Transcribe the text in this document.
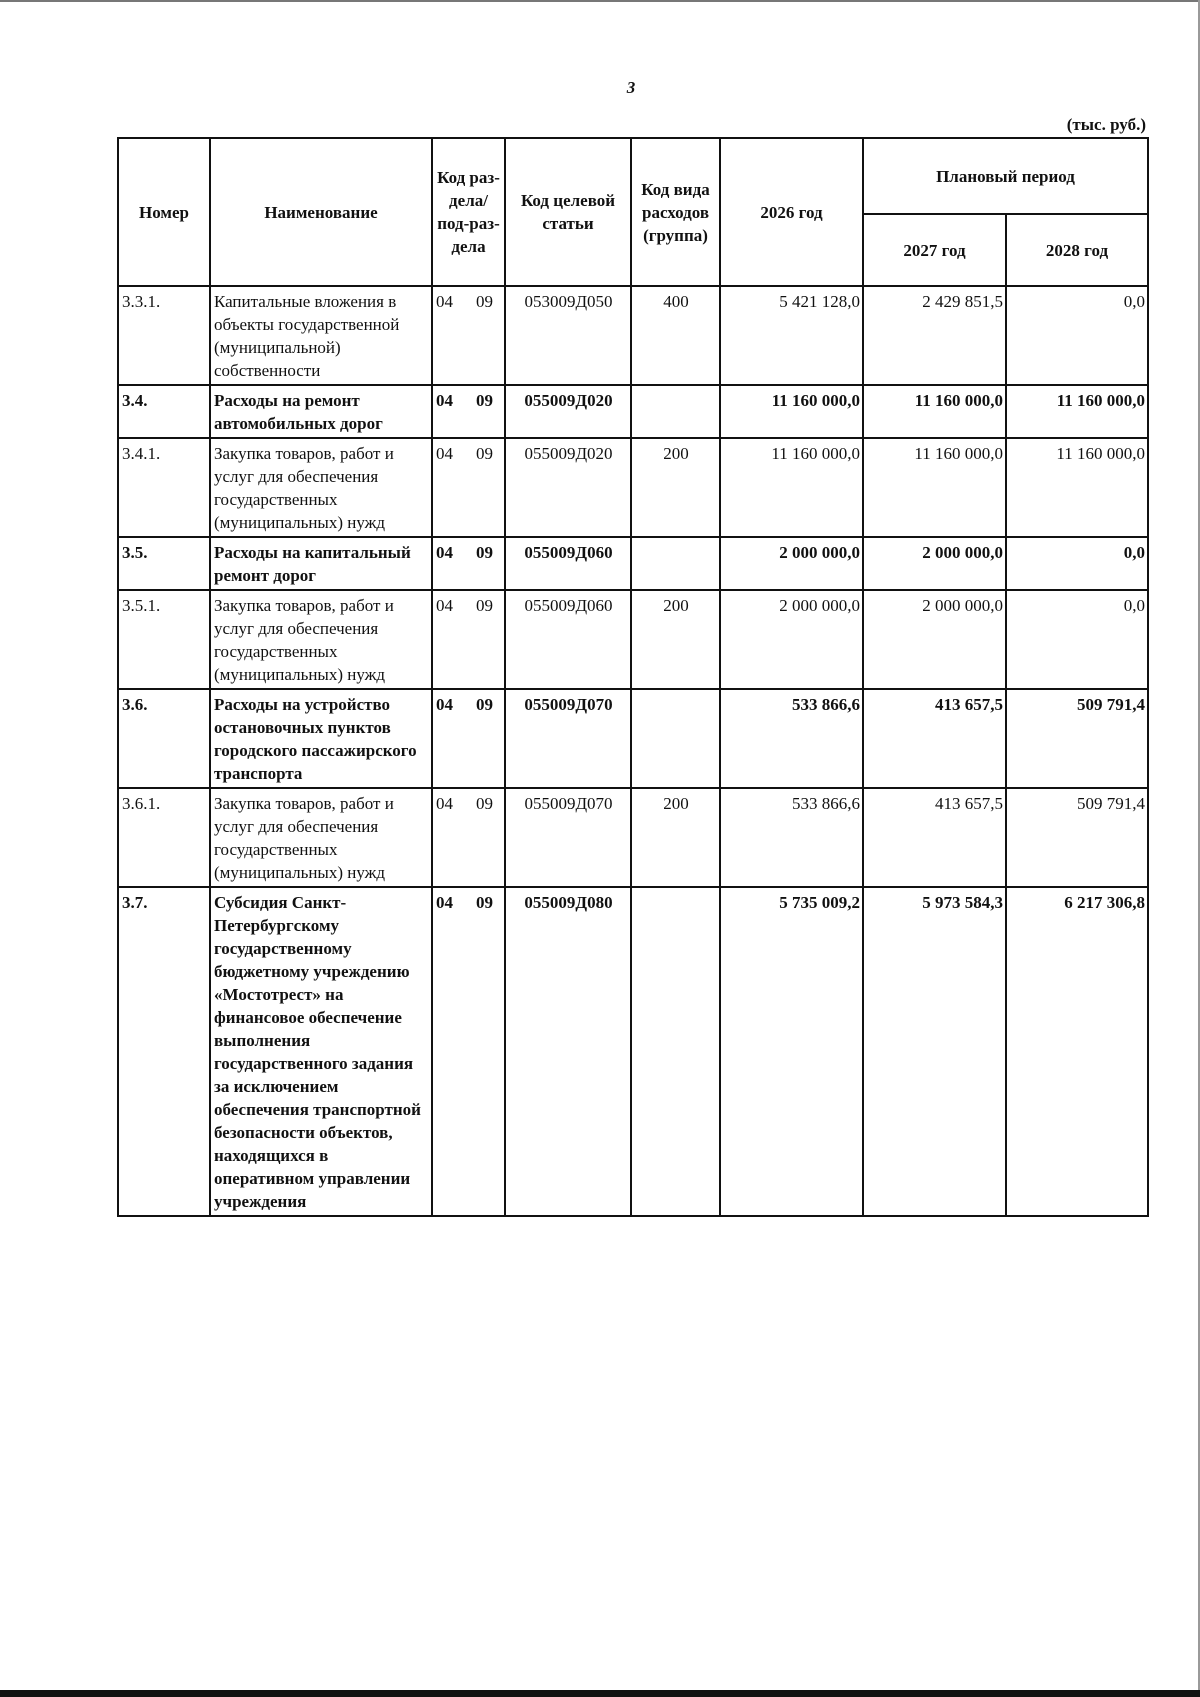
3
(тыс. руб.)
Номер	Наименование	Код раз-дела/ под-раз-дела	Код целевой статьи	Код вида расходов (группа)	2026 год	Плановый период	
						2027 год	2028 год
3.3.1.	Капитальные вложения в объекты государственной (муниципальной) собственности	04 09	053009Д050	400	5 421 128,0	2 429 851,5	0,0
3.4.	Расходы на ремонт автомобильных дорог	04 09	055009Д020		11 160 000,0	11 160 000,0	11 160 000,0
3.4.1.	Закупка товаров, работ и услуг для обеспечения государственных (муниципальных) нужд	04 09	055009Д020	200	11 160 000,0	11 160 000,0	11 160 000,0
3.5.	Расходы на капитальный ремонт дорог	04 09	055009Д060		2 000 000,0	2 000 000,0	0,0
3.5.1.	Закупка товаров, работ и услуг для обеспечения государственных (муниципальных) нужд	04 09	055009Д060	200	2 000 000,0	2 000 000,0	0,0
3.6.	Расходы на устройство остановочных пунктов городского пассажирского транспорта	04 09	055009Д070		533 866,6	413 657,5	509 791,4
3.6.1.	Закупка товаров, работ и услуг для обеспечения государственных (муниципальных) нужд	04 09	055009Д070	200	533 866,6	413 657,5	509 791,4
3.7.	Субсидия Санкт-Петербургскому государственному бюджетному учреждению «Мостотрест» на финансовое обеспечение выполнения государственного задания за исключением обеспечения транспортной безопасности объектов, находящихся в оперативном управлении учреждения	04 09	055009Д080		5 735 009,2	5 973 584,3	6 217 306,8
